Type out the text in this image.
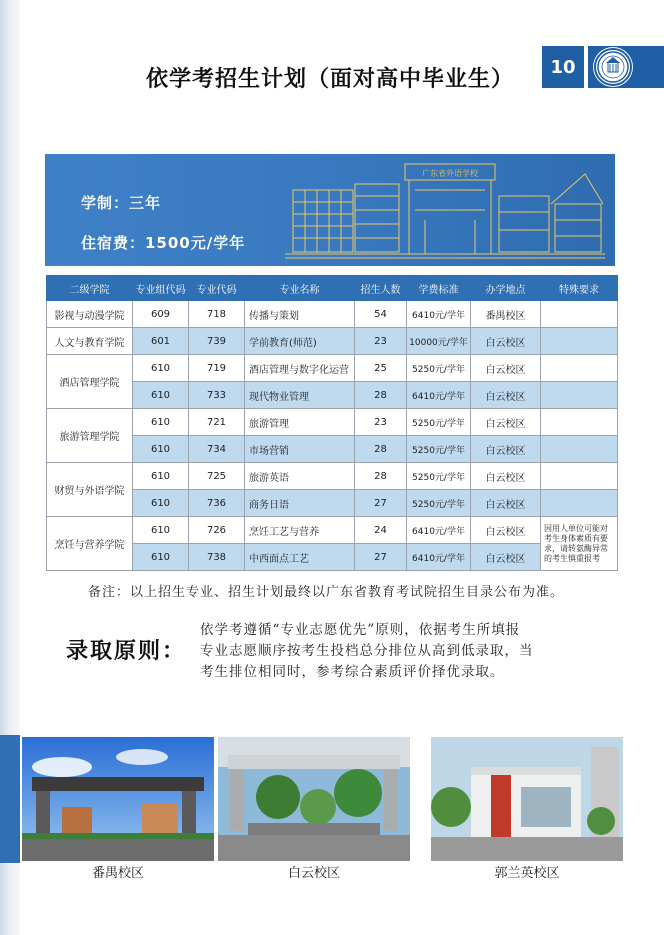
10
依学考招生计划（面对高中毕业生）
学制：三年
住宿费：1500元/学年
广东省外语学校
二级学院	专业组代码	专业代码	专业名称	招生人数	学费标准	办学地点	特殊要求
影视与动漫学院	609	718	传播与策划	54	6410元/学年	番禺校区	
人文与教育学院	601	739	学前教育(师范)	23	10000元/学年	白云校区	
酒店管理学院	610	719	酒店管理与数字化运营	25	5250元/学年	白云校区	
	610	733	现代物业管理	28	6410元/学年	白云校区	
旅游管理学院	610	721	旅游管理	23	5250元/学年	白云校区	
	610	734	市场营销	28	5250元/学年	白云校区	
财贸与外语学院	610	725	旅游英语	28	5250元/学年	白云校区	
	610	736	商务日语	27	5250元/学年	白云校区	
烹饪与营养学院	610	726	烹饪工艺与营养	24	6410元/学年	白云校区	因用人单位可能对考生身体素质有要求，请转氨酶异常的考生慎重报考
	610	738	中西面点工艺	27	6410元/学年	白云校区	
备注：以上招生专业、招生计划最终以广东省教育考试院招生目录公布为准。
录取原则：
依学考遵循“专业志愿优先”原则，依据考生所填报
专业志愿顺序按考生投档总分排位从高到低录取，当
考生排位相同时，参考综合素质评价择优录取。
番禺校区	白云校区	郭兰英校区
